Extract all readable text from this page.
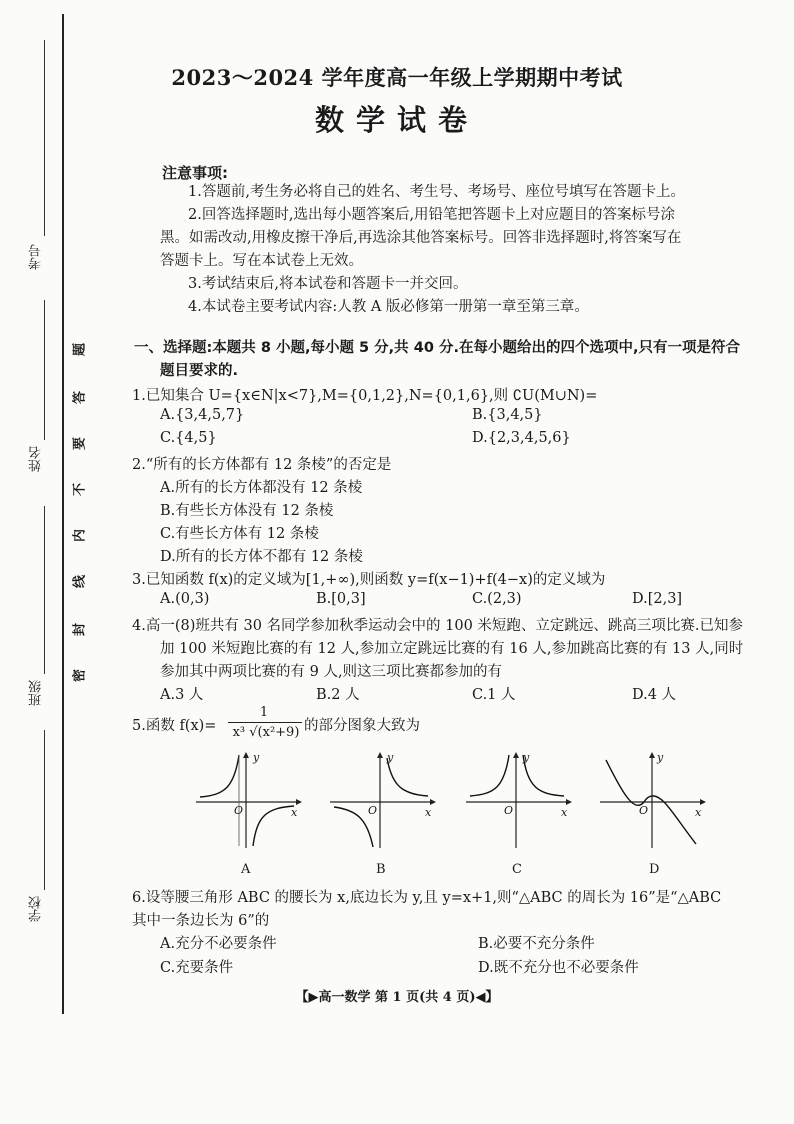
考号
姓名
班级
学校
题
答
要
不
内
线
封
密
2023～2024 学年度高一年级上学期期中考试
数学试卷
注意事项:
1.答题前,考生务必将自己的姓名、考生号、考场号、座位号填写在答题卡上。
2.回答选择题时,选出每小题答案后,用铅笔把答题卡上对应题目的答案标号涂
黑。如需改动,用橡皮擦干净后,再选涂其他答案标号。回答非选择题时,将答案写在
答题卡上。写在本试卷上无效。
3.考试结束后,将本试卷和答题卡一并交回。
4.本试卷主要考试内容:人教 A 版必修第一册第一章至第三章。
一、选择题:本题共 8 小题,每小题 5 分,共 40 分.在每小题给出的四个选项中,只有一项是符合
题目要求的.
1.已知集合 U={x∈N|x<7},M={0,1,2},N={0,1,6},则 ∁U(M∪N)=
A.{3,4,5,7}	B.{3,4,5}
C.{4,5}	D.{2,3,4,5,6}
2.“所有的长方体都有 12 条棱”的否定是
A.所有的长方体都没有 12 条棱
B.有些长方体没有 12 条棱
C.有些长方体有 12 条棱
D.所有的长方体不都有 12 条棱
3.已知函数 f(x)的定义域为[1,+∞),则函数 y=f(x−1)+f(4−x)的定义域为
A.(0,3)	B.[0,3]	C.(2,3)	D.[2,3]
4.高一(8)班共有 30 名同学参加秋季运动会中的 100 米短跑、立定跳远、跳高三项比赛.已知参
加 100 米短跑比赛的有 12 人,参加立定跳远比赛的有 16 人,参加跳高比赛的有 13 人,同时
参加其中两项比赛的有 9 人,则这三项比赛都参加的有
A.3 人	B.2 人	C.1 人	D.4 人
5.函数 f(x)=
1
x³ √(x²+9) 的部分图象大致为
y
O	x
y
O	x
y
O	x
y
O	x
A	B	C	D
6.设等腰三角形 ABC 的腰长为 x,底边长为 y,且 y=x+1,则“△ABC 的周长为 16”是“△ABC
其中一条边长为 6”的
A.充分不必要条件	B.必要不充分条件
C.充要条件	D.既不充分也不必要条件
【▶高一数学 第 1 页(共 4 页)◀】
